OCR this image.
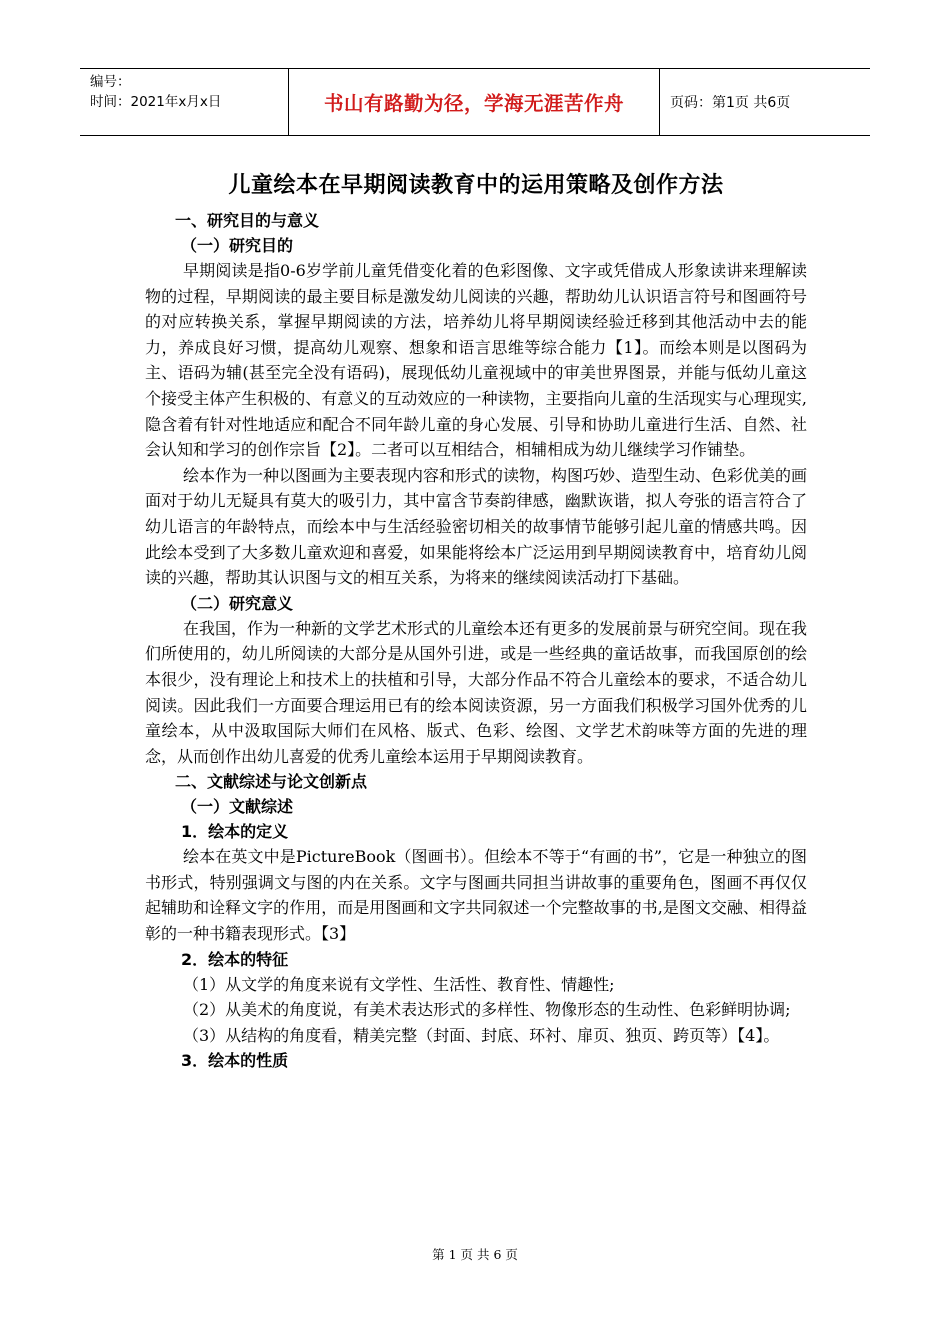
编号：
时间：2021年x月x日	书山有路勤为径，学海无涯苦作舟	页码：第1页 共6页
儿童绘本在早期阅读教育中的运用策略及创作方法
一、研究目的与意义
（一）研究目的

早期阅读是指0-6岁学前儿童凭借变化着的色彩图像、文字或凭借成人形象读讲来理解读物的过程，早期阅读的最主要目标是激发幼儿阅读的兴趣，帮助幼儿认识语言符号和图画符号的对应转换关系，掌握早期阅读的方法，培养幼儿将早期阅读经验迁移到其他活动中去的能力，养成良好习惯，提高幼儿观察、想象和语言思维等综合能力【1】。而绘本则是以图码为主、语码为辅(甚至完全没有语码)，展现低幼儿童视域中的审美世界图景，并能与低幼儿童这个接受主体产生积极的、有意义的互动效应的一种读物，主要指向儿童的生活现实与心理现实,隐含着有针对性地适应和配合不同年龄儿童的身心发展、引导和协助儿童进行生活、自然、社会认知和学习的创作宗旨【2】。二者可以互相结合，相辅相成为幼儿继续学习作铺垫。

绘本作为一种以图画为主要表现内容和形式的读物，构图巧妙、造型生动、色彩优美的画面对于幼儿无疑具有莫大的吸引力，其中富含节奏韵律感，幽默诙谐，拟人夸张的语言符合了幼儿语言的年龄特点，而绘本中与生活经验密切相关的故事情节能够引起儿童的情感共鸣。因此绘本受到了大多数儿童欢迎和喜爱，如果能将绘本广泛运用到早期阅读教育中，培育幼儿阅读的兴趣，帮助其认识图与文的相互关系，为将来的继续阅读活动打下基础。

（二）研究意义

在我国，作为一种新的文学艺术形式的儿童绘本还有更多的发展前景与研究空间。现在我们所使用的，幼儿所阅读的大部分是从国外引进，或是一些经典的童话故事，而我国原创的绘本很少，没有理论上和技术上的扶植和引导，大部分作品不符合儿童绘本的要求，不适合幼儿阅读。因此我们一方面要合理运用已有的绘本阅读资源，另一方面我们积极学习国外优秀的儿童绘本，从中汲取国际大师们在风格、版式、色彩、绘图、文学艺术韵味等方面的先进的理念，从而创作出幼儿喜爱的优秀儿童绘本运用于早期阅读教育。

二、文献综述与论文创新点
（一）文献综述
1．绘本的定义

绘本在英文中是PictureBook（图画书）。但绘本不等于“有画的书”，它是一种独立的图书形式，特别强调文与图的内在关系。文字与图画共同担当讲故事的重要角色，图画不再仅仅起辅助和诠释文字的作用，而是用图画和文字共同叙述一个完整故事的书,是图文交融、相得益彰的一种书籍表现形式。【3】

2．绘本的特征

（1）从文学的角度来说有文学性、生活性、教育性、情趣性;

（2）从美术的角度说，有美术表达形式的多样性、物像形态的生动性、色彩鲜明协调;

（3）从结构的角度看，精美完整（封面、封底、环衬、扉页、独页、跨页等）【4】。

3．绘本的性质
第 1 页 共 6 页
